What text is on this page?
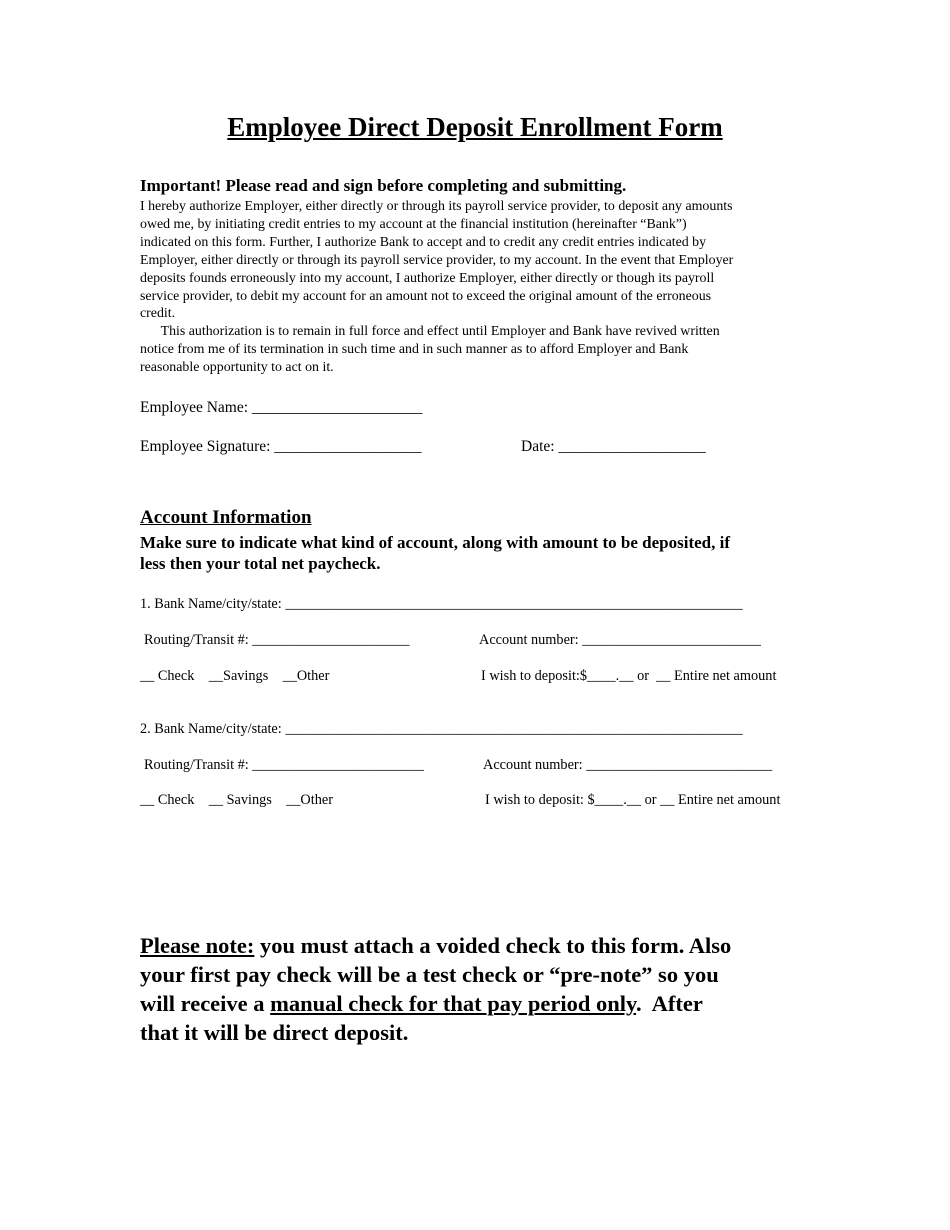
Employee Direct Deposit Enrollment Form
Important! Please read and sign before completing and submitting.
I hereby authorize Employer, either directly or through its payroll service provider, to deposit any amounts
owed me, by initiating credit entries to my account at the financial institution (hereinafter “Bank”)
indicated on this form. Further, I authorize Bank to accept and to credit any credit entries indicated by
Employer, either directly or through its payroll service provider, to my account. In the event that Employer
deposits founds erroneously into my account, I authorize Employer, either directly or though its payroll
service provider, to debit my account for an amount not to exceed the original amount of the erroneous
credit.
This authorization is to remain in full force and effect until Employer and Bank have revived written
notice from me of its termination in such time and in such manner as to afford Employer and Bank
reasonable opportunity to act on it.
Employee Name: ______________________
Employee Signature: ___________________	Date: ___________________
Account Information
Make sure to indicate what kind of account, along with amount to be deposited, if
less then your total net paycheck.
1. Bank Name/city/state: ________________________________________________________________
Routing/Transit #: ______________________	Account number: _________________________
__ Check    __Savings    __Other	I wish to deposit:$____.__ or  __ Entire net amount
2. Bank Name/city/state: ________________________________________________________________
Routing/Transit #: ________________________	Account number: __________________________
__ Check    __ Savings    __Other	I wish to deposit: $____.__ or __ Entire net amount
Please note: you must attach a voided check to this form. Also
your first pay check will be a test check or “pre-note” so you
will receive a manual check for that pay period only.  After
that it will be direct deposit.
